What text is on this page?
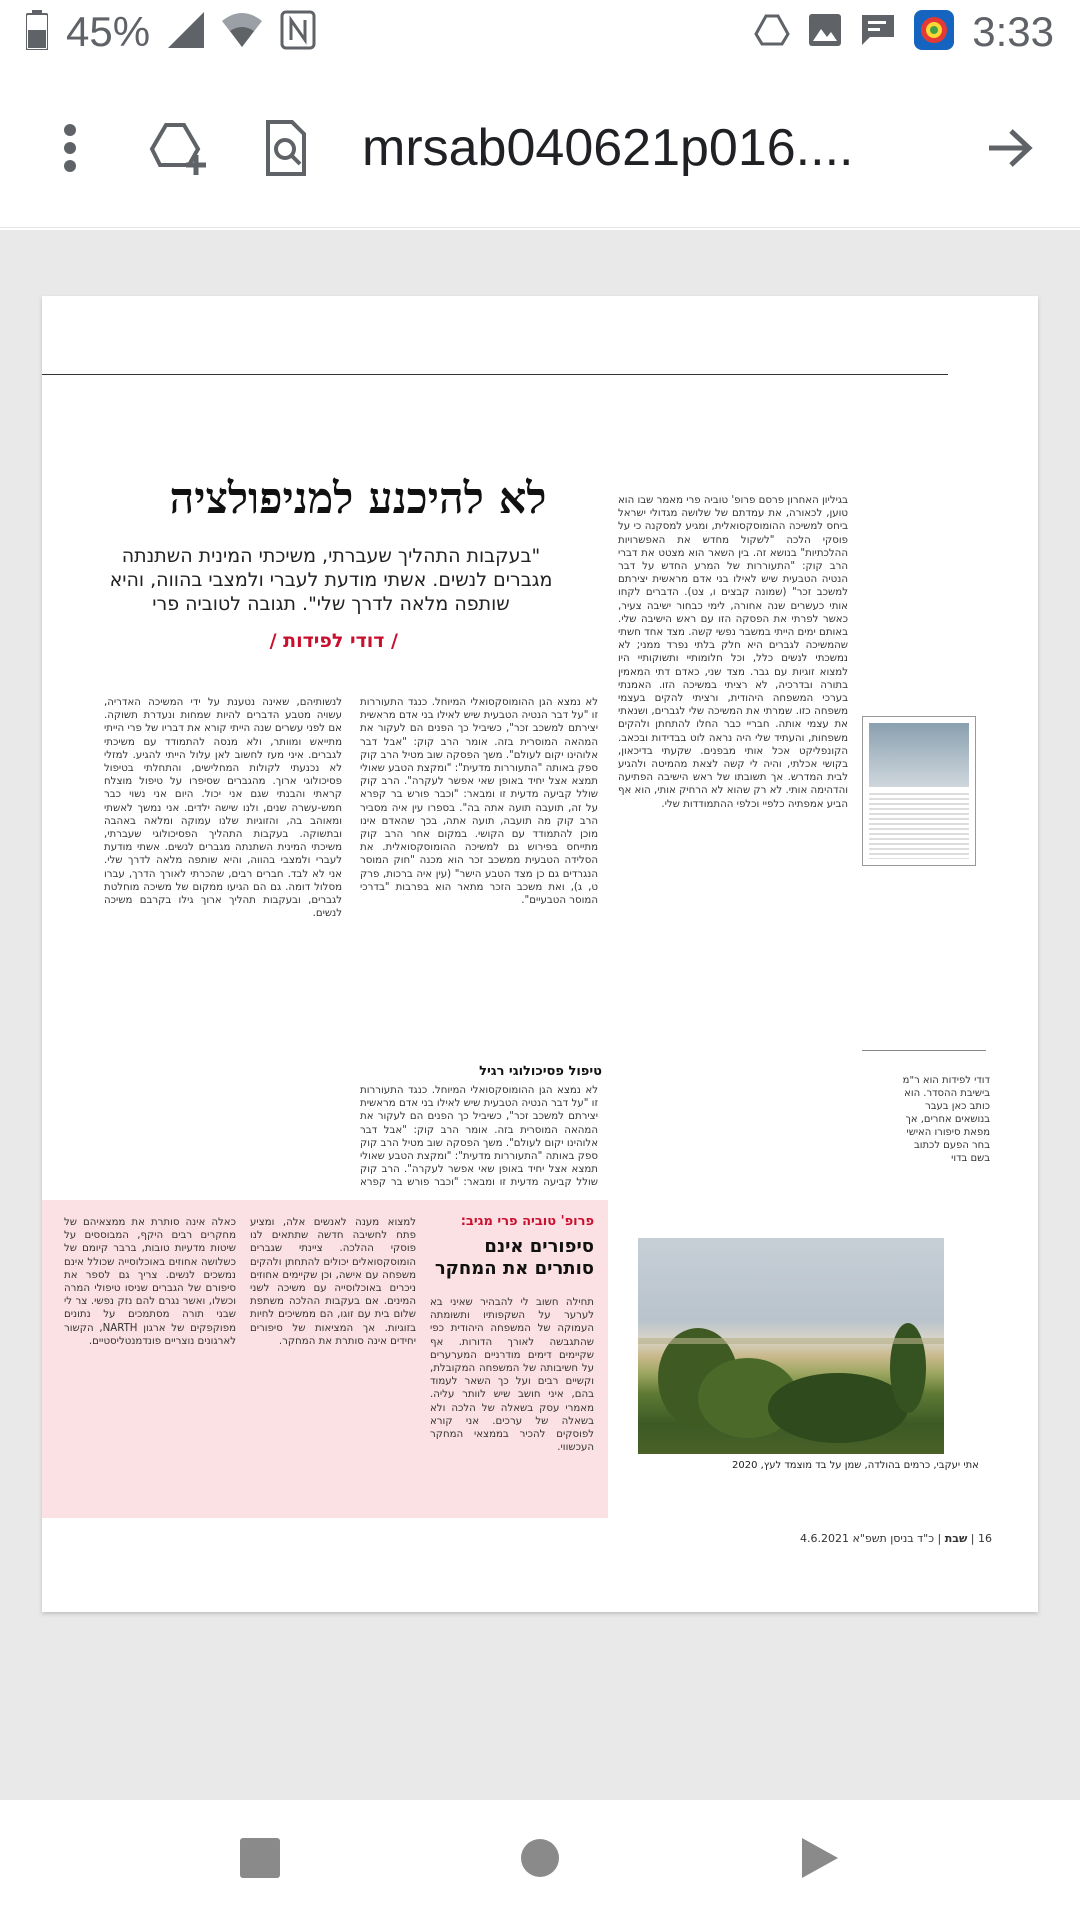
45%	3:33
mrsab040621p016....
לא להיכנע למניפולציה
"בעקבות התהליך שעברתי, משיכתי המינית השתנתה מגברים לנשים. אשתי מודעת לעברי ולמצבי בהווה, והיא שותפה מלאה לדרך שלי". תגובה לטוביה פרי
/ דודי לפידות /
בגיליון האחרון פרסם פרופ' טוביה פרי מאמר שבו הוא טוען, לכאורה, את עמדתם של שלושה מגדולי ישראל ביחס למשיכה ההומוסקסואלית, ומגיע למסקנה כי על פוסקי הלכה "לשקול מחדש את האפשרויות ההלכתיות" בנושא זה. בין השאר הוא מצטט את דברי הרב קוק: "התעוררות של המרע החדש על דבר הנטיה הטבעית שיש לאילו בני אדם מראשית יצירתם למשכב זכר" (שמונה קבצים ו, צט). הדברים לקחו אותי כעשרים שנה אחורה, לימי כבחור ישיבה צעיר, כאשר לפרתי את הפסקה הזו עם ראש הישיבה שלי. באותם ימים הייתי במשבר נפשי קשה. מצד אחד חשתי שהמשיכה לגברים היא חלק בלתי נפרד ממני; לא נמשכתי לנשים כלל, וכל חלומותיי ותשוקותיי היו למצוא זוגיות עם גבר. מצד שני, כאדם דתי המאמין בתורה ובדרכיה, לא רציתי במשיכה הזו. האמנתי בערכי המשפחה היהודית, ורציתי להקים בעצמי משפחה כזו. שמרתי את המשיכה שלי לגברים, ושנאתי את עצמי אותה. חבריי כבר החלו להתחתן ולהקים משפחות, והעתיד שלי היה נראה לוט בבדידות ובכאב. הקונפליקט אכל אותי מבפנים. שקעתי בדיכאון, בקושי אכלתי, והיה לי קשה לצאת מהמיטה ולהגיע לבית המדרש. אך תשובתו של ראש הישיבה הפתיעה והדהימה אותי. לא רק שהוא לא הרחיק אותי, הוא אף הביע אמפתיה כלפיי וכלפי ההתמודדות שלי.
לא נמצא הגן ההומוסקסואלי המיוחל. כנגד התעוררות זו "על דבר הנטיה הטבעית שיש לאילו בני אדם מראשית יצירתם למשכב זכר", כשיביל כך הפנים הם לעקור את המהאה המוסרית בזה. אומר הרב קוק: "אבל דבר אלוהינו יקום לעולם". משך הפסקה שוב מטיל הרב קוק ספק באותה "התעוררות מדעית": "ומקצת הטבע שאולי תמצא אצל יחיד באופן שאי אפשר לעקרה". הרב קוק שולל קביעה מדעית זו ומבאר: "וכבר פורש בר קפרא על זה, תועבה תועה אתה בה". בספרו עין איה מסביר הרב קוק מה תועבה, תועה אתה, בכך שהאדם אינו מוכן להתמודד עם הקושי. במקום אחר הרב קוק מתייחס בפירוש גם למשיכה ההומוסקסואלית. את הסלידה הטבעית ממשכב זכר הוא מכנה "חוק המוסר הנגרדים גם כן מצד הטבע הישר" (עין איה ברכות, פרק ט, ג), ואת משכב הזכר מתאר הוא בפרבות "בדרכי המוסר הטבעיים".
טיפול פסיכולוגי רגיל
לא נמצא הגן ההומוסקסואלי המיוחל. כנגד התעוררות זו "על דבר הנטיה הטבעית שיש לאילו בני אדם מראשית יצירתם למשכב זכר", כשיביל כך הפנים הם לעקור את המהאה המוסרית בזה. אומר הרב קוק: "אבל דבר אלוהינו יקום לעולם". משך הפסקה שוב מטיל הרב קוק ספק באותה "התעוררות מדעית": "ומקצת הטבע שאולי תמצא אצל יחיד באופן שאי אפשר לעקרה". הרב קוק שולל קביעה מדעית זו ומבאר: "וכבר פורש בר קפרא
לנשותיהם, שאינה נטענת על ידי המשיכה האדריה, עשויה מטבע הדברים להיות שמחות ונעדרת תשוקה. אם לפני עשרים שנה הייתי קורא את דבריו של פרי הייתי מתייאש ומוותר, ולא מנסה להתמודד עם משיכתי לגברים. איני מעז לחשוב לאן עלול הייתי להגיע. למזלי לא נכנעתי לקולות המחלישים, והתחלתי בטיפול פסיכולוגי ארוך. מהגברים שסיפרו על טיפול מוצלח קראתי והבנתי שגם אני יכול. היום אני נשוי כבר חמש-עשרה שנים, ולנו שישה ילדים. אני נמשך לאשתי ומאוהב בה, והזוגיות שלנו עמוקה ומלאה באהבה ובתשוקה. בעקבות התהליך הפסיכולוגי שעברתי, משיכתי המינית השתנתה מגברים לנשים. אשתי מודעת לעברי ולמצבי בהווה, והיא שותפה מלאה לדרך שלי. אני לא לבד. חברים רבים, שהכרתי לאורך הדרך, עברו מסלול דומה. גם הם הגיעו ממקום של משיכה מוחלטת לגברים, ובעקבות תהליך ארוך גילו בקרבם משיכה לנשים.
דודי לפידות הוא ר"מ בישיבת ההסדר. הוא כותב כאן בעבר בנושאים אחרים, אך מפאת סיפורו האישי בחר הפעם לכתוב בשם בדוי
פרופ' טוביה פרי מגיב:
סיפורים אינם סותרים את המחקר
תחילה חשוב לי להבהיר שאיני בא לערער על השקפותיו ותשומתה העמוקה של המשפחה היהודית כפי שהתגבשה לאורך הדורות. אף שקיימים דימים מודרניים המערערים על חשיבותה של המשפחה המקובלת, וקשיים רבים ועל כך השאר לעמוד בהם, איני חושב שיש לוותר עליה. מאמרי עסק בשאלה של הלכה ולא בשאלה של ערכים. אני קורא לפוסקים להכיר בממצאי המחקר העכשווי.
למצוא מענה לאנשים אלה, ומציע פתח לחשיבה חדשה שתתאים לנו פוסקי ההלכה. ציינתי שגברים הומוסקסואלים יכולים להתחתן ולהקים משפחה עם אישה, וכן שקיימים אחוזים ניכרים באוכלוסייה עם משיכה לשני המינים. אם בעקבות ההלכה משתפת שלום בית עם זוגו, הם ממשיכים לחיות בזוגיות. אך המציאות של סיפורים יחידים אינה סותרת את המחקר.
כאלה אינה סותרת את ממצאיהם של מחקרים רבים היקף, המבוססים על שיטות מדעיות טובות, ברבר קיומם של כשלושה אחוזים באוכלוסייה שכולל אינם נמשכים לנשים. צריך גם לספר את סיפורם של הגברים שניסו טיפולי המרה וכשלו, ואשר נגרם להם נזק נפשי. צר לי שבני תורה מסתמכים על נתונים מפוקפקים של ארגון NARTH, הקשור לארגונים נוצריים פונדמנטליסטיים.
אתי יעקבי, כרמים בהולדה, שמן על בד מוצמד לעץ, 2020
16 | שבת | כ"ד בניסן תשפ"א 4.6.2021
